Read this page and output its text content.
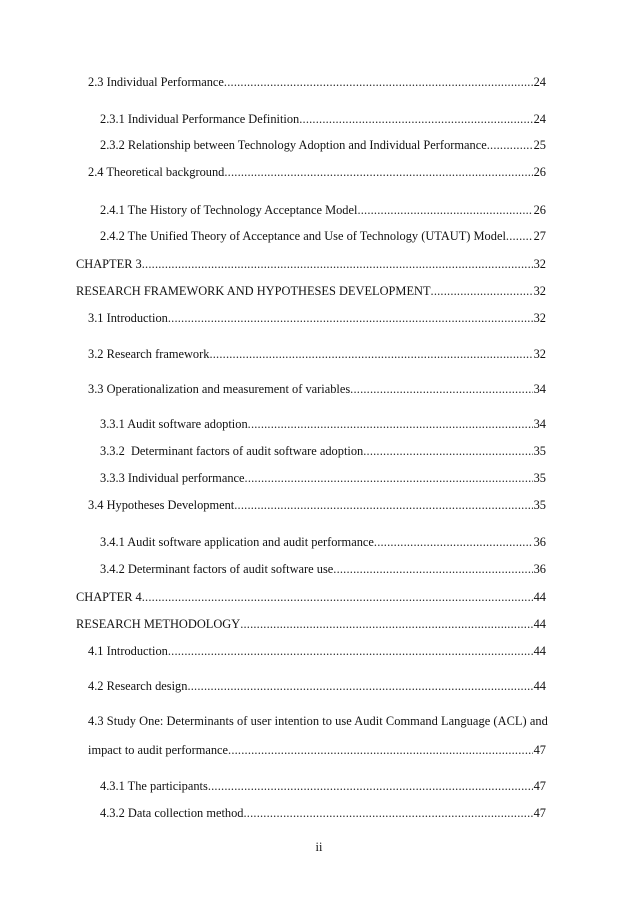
2.3 Individual Performance .....	24
2.3.1 Individual Performance Definition .....	24
2.3.2 Relationship between Technology Adoption and Individual Performance .....	25
2.4 Theoretical background .....	26
2.4.1 The History of Technology Acceptance Model .....	26
2.4.2 The Unified Theory of Acceptance and Use of Technology (UTAUT) Model ..... 27
CHAPTER 3 .....	32
RESEARCH FRAMEWORK AND HYPOTHESES DEVELOPMENT .....	32
3.1 Introduction .....	32
3.2 Research framework .....	32
3.3 Operationalization and measurement of variables .....	34
3.3.1 Audit software adoption .....	34
3.3.2  Determinant factors of audit software adoption .....	35
3.3.3 Individual performance .....	35
3.4 Hypotheses Development .....	35
3.4.1 Audit software application and audit performance .....	36
3.4.2 Determinant factors of audit software use .....	36
CHAPTER 4 .....	44
RESEARCH METHODOLOGY .....	44
4.1 Introduction .....	44
4.2 Research design .....	44
4.3 Study One: Determinants of user intention to use Audit Command Language (ACL) and
impact to audit performance .....	47
4.3.1 The participants .....	47
4.3.2 Data collection method .....	47
ii
